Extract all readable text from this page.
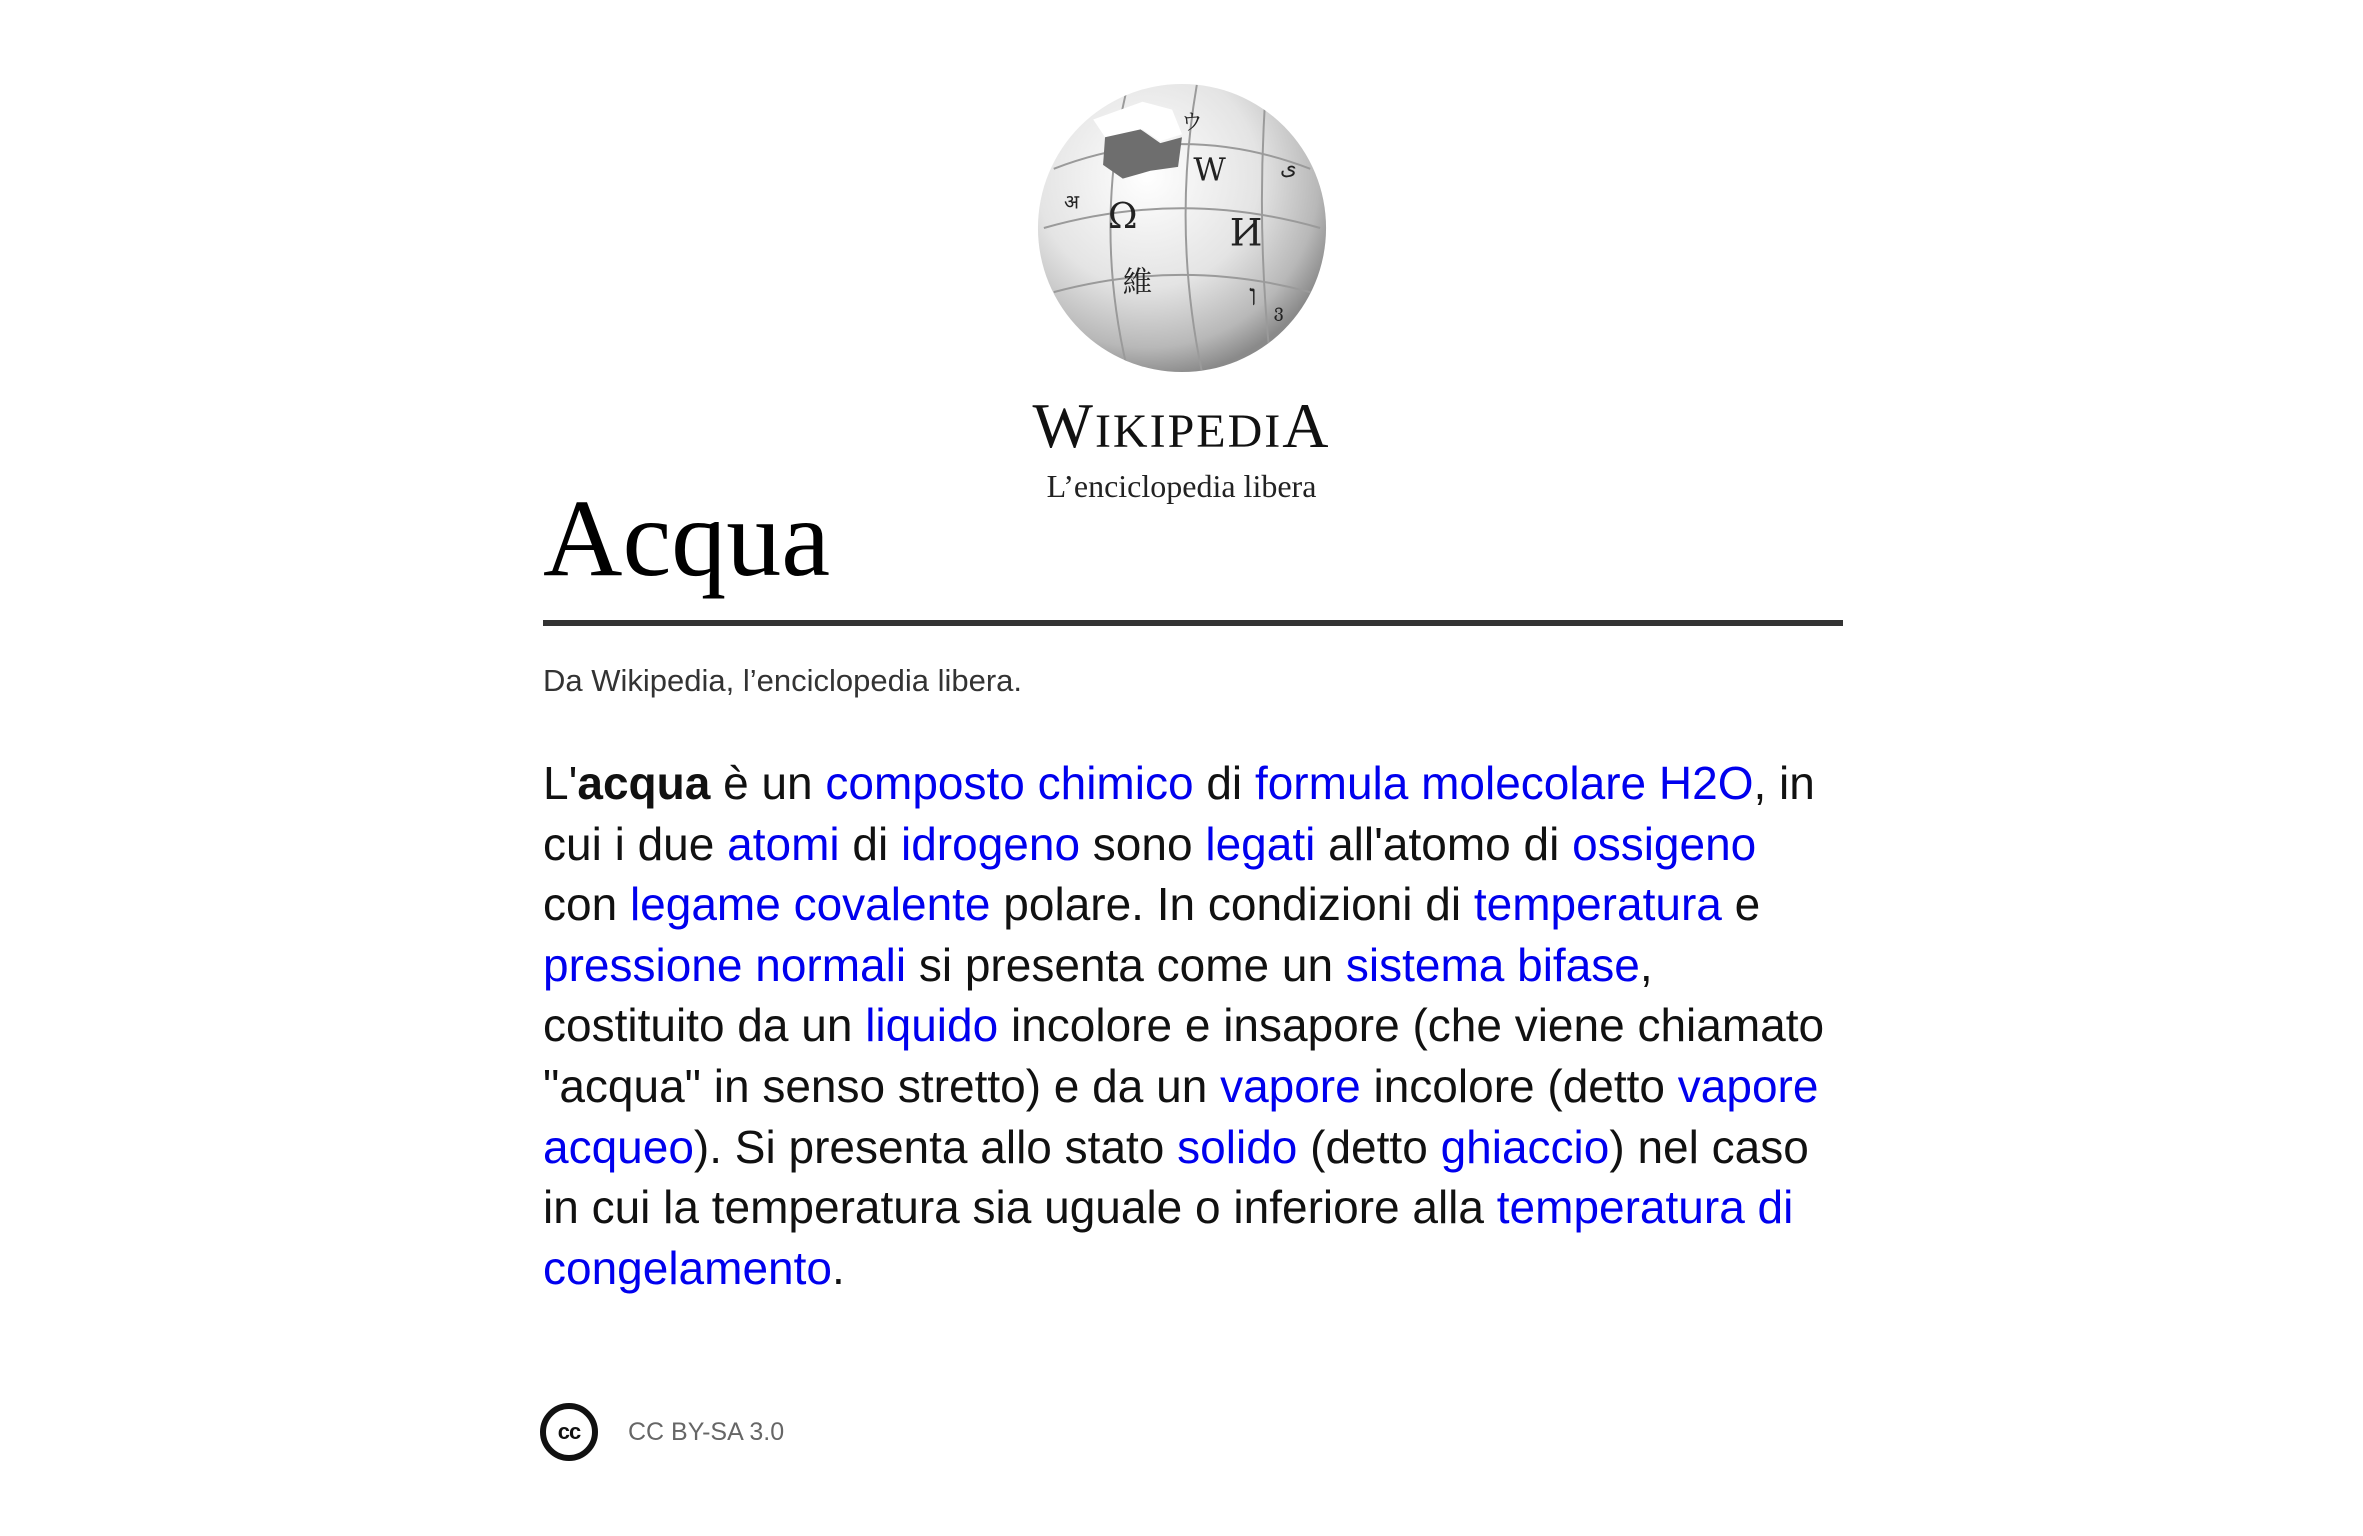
Ω
W
И
維	ו
ウ
अ
ی
ვ
WIKIPEDIA
L’enciclopedia libera
Acqua
Da Wikipedia, l’enciclopedia libera.

L'acqua è un composto chimico di formula molecolare H2O, in cui i due atomi di idrogeno sono legati all'atomo di ossigeno con legame covalente polare. In condizioni di temperatura e pressione normali si presenta come un sistema bifase, costituito da un liquido incolore e insapore (che viene chiamato "acqua" in senso stretto) e da un vapore incolore (detto vapore acqueo). Si presenta allo stato solido (detto ghiaccio) nel caso in cui la temperatura sia uguale o inferiore alla temperatura di congelamento.

cc	CC BY-SA 3.0
